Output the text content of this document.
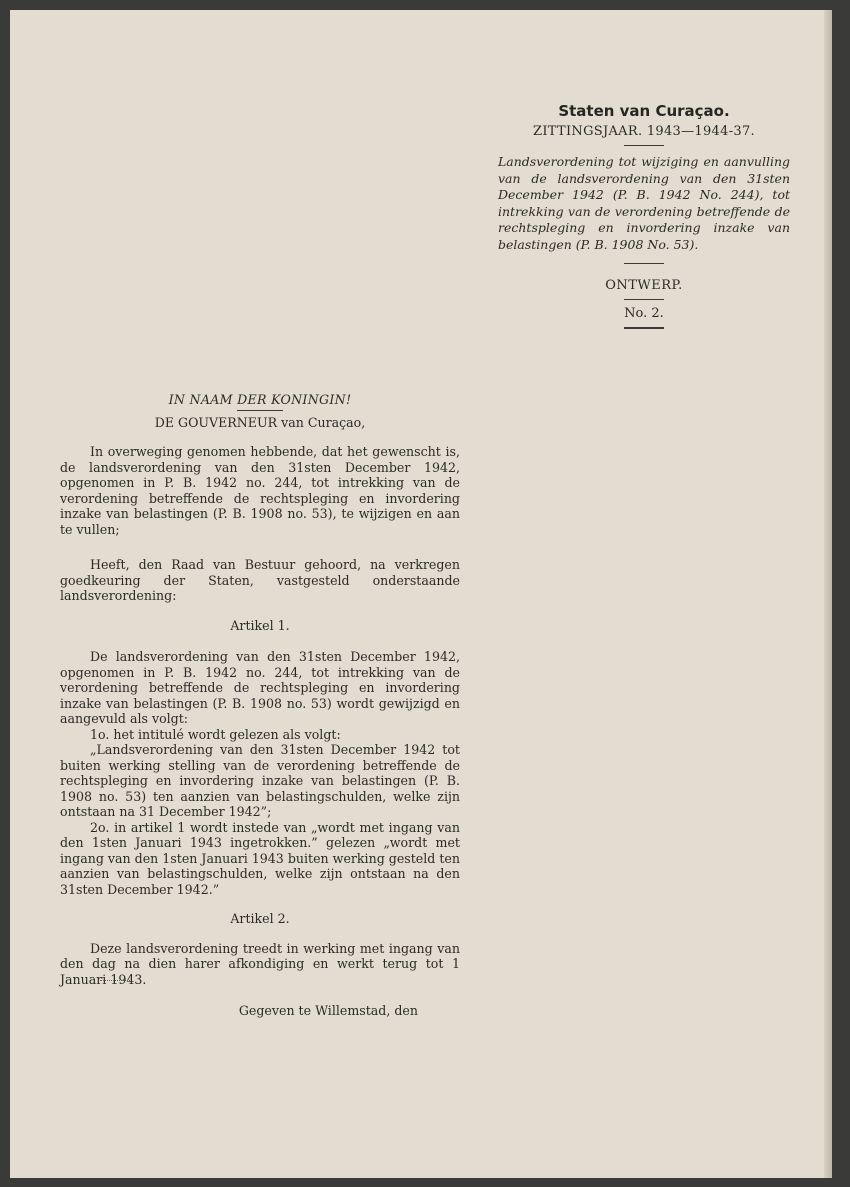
Staten van Curaçao.

ZITTINGSJAAR. 1943—1944-37.

Landsverordening tot wijziging en aanvulling van de landsverordening van den 31sten December 1942 (P. B. 1942 No. 244), tot intrekking van de verordening betreffende de rechtspleging en invordering inzake van belastingen (P. B. 1908 No. 53).

ONTWERP.

No. 2.

IN NAAM DER KONINGIN!

DE GOUVERNEUR van Curaçao,

In overweging genomen hebbende, dat het gewenscht is, de landsverordening van den 31sten December 1942, opgenomen in P. B. 1942 no. 244, tot intrekking van de verordening betreffende de rechtspleging en invordering inzake van belastingen (P. B. 1908 no. 53), te wijzigen en aan te vullen;

Heeft, den Raad van Bestuur gehoord, na verkregen goedkeuring der Staten, vastgesteld onderstaande landsverordening:

Artikel 1.

De landsverordening van den 31sten December 1942, opgenomen in P. B. 1942 no. 244, tot intrekking van de verordening betreffende de rechtspleging en invordering inzake van belastingen (P. B. 1908 no. 53) wordt gewijzigd en aangevuld als volgt:

1o. het intitulé wordt gelezen als volgt:

„Landsverordening van den 31sten December 1942 tot buiten werking stelling van de verordening betreffende de rechtspleging en invordering inzake van belastingen (P. B. 1908 no. 53) ten aanzien van belastingschulden, welke zijn ontstaan na 31 December 1942”;

2o. in artikel 1 wordt instede van „wordt met ingang van den 1sten Januari 1943 ingetrokken.” gelezen „wordt met ingang van den 1sten Januari 1943 buiten werking gesteld ten aanzien van belastingschulden, welke zijn ontstaan na den 31sten December 1942.”

Artikel 2.

Deze landsverordening treedt in werking met ingang van den dag na dien harer afkondiging en werkt terug tot 1 Januari 1943.

Gegeven te Willemstad, den
